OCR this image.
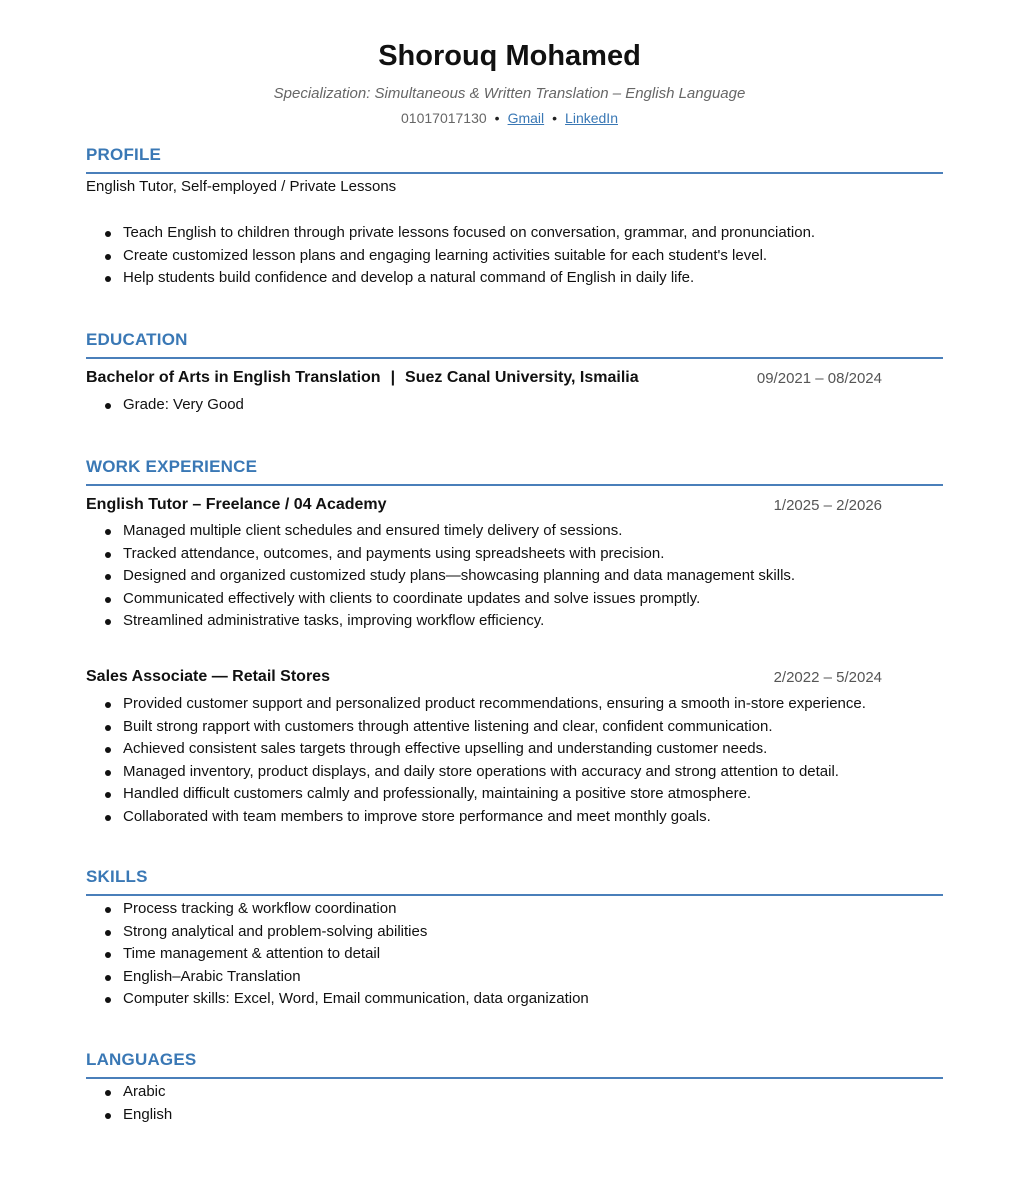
Shorouq Mohamed
Specialization: Simultaneous & Written Translation – English Language
01017017130 • Gmail • LinkedIn
PROFILE
English Tutor, Self-employed / Private Lessons
Teach English to children through private lessons focused on conversation, grammar, and pronunciation.
Create customized lesson plans and engaging learning activities suitable for each student's level.
Help students build confidence and develop a natural command of English in daily life.
EDUCATION
Bachelor of Arts in English Translation | Suez Canal University, Ismailia	09/2021 – 08/2024
Grade: Very Good
WORK EXPERIENCE
English Tutor – Freelance / 04 Academy	1/2025 – 2/2026
Managed multiple client schedules and ensured timely delivery of sessions.
Tracked attendance, outcomes, and payments using spreadsheets with precision.
Designed and organized customized study plans—showcasing planning and data management skills.
Communicated effectively with clients to coordinate updates and solve issues promptly.
Streamlined administrative tasks, improving workflow efficiency.
Sales Associate — Retail Stores	2/2022 – 5/2024
Provided customer support and personalized product recommendations, ensuring a smooth in-store experience.
Built strong rapport with customers through attentive listening and clear, confident communication.
Achieved consistent sales targets through effective upselling and understanding customer needs.
Managed inventory, product displays, and daily store operations with accuracy and strong attention to detail.
Handled difficult customers calmly and professionally, maintaining a positive store atmosphere.
Collaborated with team members to improve store performance and meet monthly goals.
SKILLS
Process tracking & workflow coordination
Strong analytical and problem-solving abilities
Time management & attention to detail
English–Arabic Translation
Computer skills: Excel, Word, Email communication, data organization
LANGUAGES
Arabic
English
